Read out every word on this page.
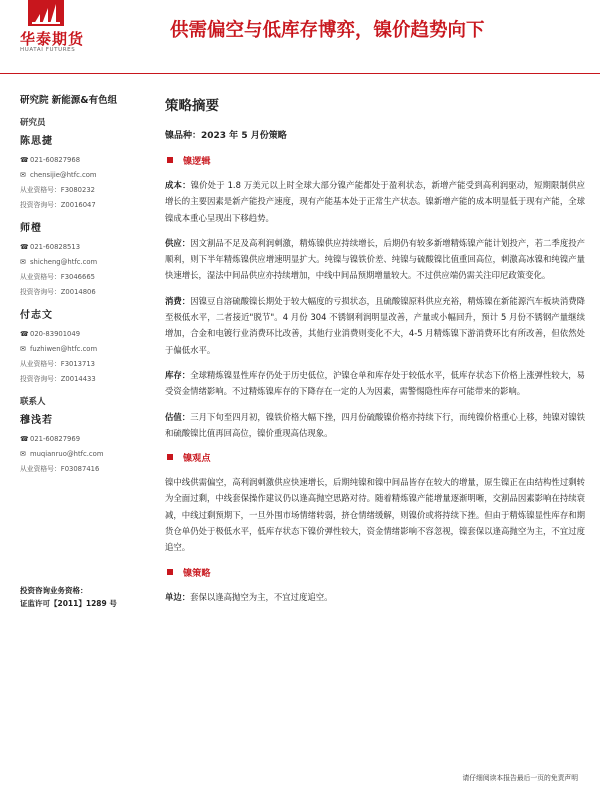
华泰期货
HUATAI FUTURES
供需偏空与低库存博弈，镍价趋势向下
研究院 新能源&有色组
研究员
陈思捷
☎ 021-60827968
✉ chensijie@htfc.com
从业资格号：F3080232
投资咨询号：Z0016047
师橙
☎ 021-60828513
✉ shicheng@htfc.com
从业资格号：F3046665
投资咨询号：Z0014806
付志文
☎ 020-83901049
✉ fuzhiwen@htfc.com
从业资格号：F3013713
投资咨询号：Z0014433
联系人
穆浅若
☎ 021-60827969
✉ muqianruo@htfc.com
从业资格号：F03087416
投资咨询业务资格：
证监许可【2011】1289 号
策略摘要
镍品种：2023 年 5 月份策略
镍逻辑

成本：镍价处于 1.8 万美元以上时全球大部分镍产能都处于盈利状态，新增产能受到高利润驱动，短期限制供应增长的主要因素是新产能投产速度，现有产能基本处于正常生产状态。镍新增产能的成本明显低于现有产能，全球镍成本重心呈现出下移趋势。

供应：因文割品不足及高利润刺激，精炼镍供应持续增长，后期仍有较多新增精炼镍产能计划投产，若二季度投产顺利，则下半年精炼镍供应增速明显扩大。纯镍与镍铁价差、纯镍与硫酸镍比值重回高位，刺激高冰镍和纯镍产量快速增长，湿法中间品供应亦持续增加，中线中间品预期增量较大。不过供应端仍需关注印尼政策变化。

消费：因镍豆自溶硫酸镍长期处于较大幅度的亏损状态，且硫酸镍原料供应充裕，精炼镍在新能源汽车板块消费降至极低水平，二者接近"脱节"。4 月份 304 不锈钢利润明显改善，产量或小幅回升，预计 5 月份不锈钢产量继续增加，合金和电镀行业消费环比改善，其他行业消费则变化不大，4-5 月精炼镍下游消费环比有所改善，但依然处于偏低水平。

库存：全球精炼镍显性库存仍处于历史低位，沪镍仓单和库存处于较低水平，低库存状态下价格上涨弹性较大，易受资金情绪影响。不过精炼镍库存的下降存在一定的人为因素，需警惕隐性库存可能带来的影响。

估值：三月下旬至四月初，镍铁价格大幅下挫，四月份硫酸镍价格亦持续下行，而纯镍价格重心上移，纯镍对镍铁和硫酸镍比值再回高位，镍价重现高估现象。

镍观点

镍中线供需偏空，高利润刺激供应快速增长，后期纯镍和镍中间品皆存在较大的增量，原生镍正在由结构性过剩转为全面过剩，中线套保操作建议仍以逢高抛空思路对待。随着精炼镍产能增量逐渐明晰，交割品因素影响在持续衰减，中线过剩预期下，一旦外围市场情绪转弱，挤仓情绪缓解，则镍价或将持续下挫。但由于精炼镍显性库存和期货仓单仍处于极低水平，低库存状态下镍价弹性较大，资金情绪影响不容忽视，镍套保以逢高抛空为主，不宜过度追空。

镍策略

单边：套保以逢高抛空为主，不宜过度追空。

请仔细阅读本报告最后一页的免责声明
